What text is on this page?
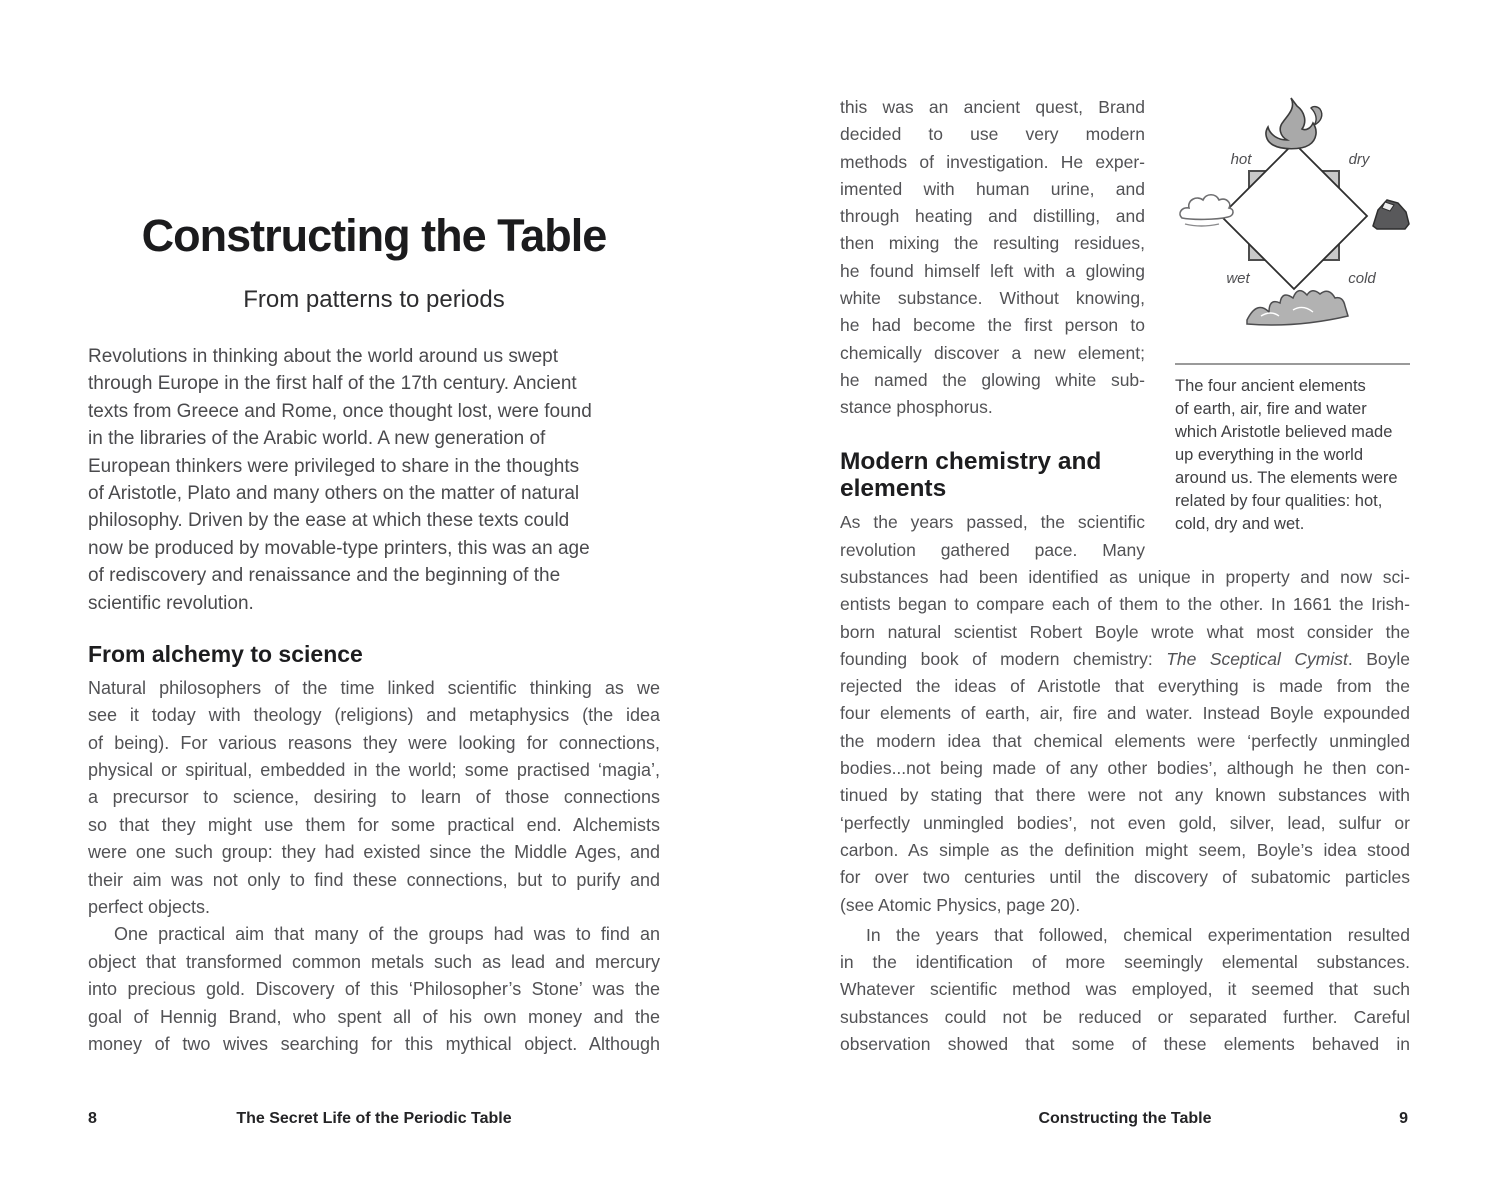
Constructing the Table
From patterns to periods
Revolutions in thinking about the world around us swept
through Europe in the first half of the 17th century. Ancient
texts from Greece and Rome, once thought lost, were found
in the libraries of the Arabic world. A new generation of
European thinkers were privileged to share in the thoughts
of Aristotle, Plato and many others on the matter of natural
philosophy. Driven by the ease at which these texts could
now be produced by movable-type printers, this was an age
of rediscovery and renaissance and the beginning of the
scientific revolution.
From alchemy to science
Natural philosophers of the time linked scientific thinking as we
see it today with theology (religions) and metaphysics (the idea
of being). For various reasons they were looking for connections,
physical or spiritual, embedded in the world; some practised ‘magia’,
a precursor to science, desiring to learn of those connections
so that they might use them for some practical end. Alchemists
were one such group: they had existed since the Middle Ages, and
their aim was not only to find these connections, but to purify and
perfect objects.
One practical aim that many of the groups had was to find an
object that transformed common metals such as lead and mercury
into precious gold. Discovery of this ‘Philosopher’s Stone’ was the
goal of Hennig Brand, who spent all of his own money and the
money of two wives searching for this mythical object. Although
hot	dry
wet	cold
The four ancient elements
of earth, air, fire and water
which Aristotle believed made
up everything in the world
around us. The elements were
related by four qualities: hot,
cold, dry and wet.
this was an ancient quest, Brand
decided to use very modern
methods of investigation. He exper-
imented with human urine, and
through heating and distilling, and
then mixing the resulting residues,
he found himself left with a glowing
white substance. Without knowing,
he had become the first person to
chemically discover a new element;
he named the glowing white sub-
stance phosphorus.
Modern chemistry and
elements
As the years passed, the scientific
revolution gathered pace. Many
substances had been identified as unique in property and now sci-
entists began to compare each of them to the other. In 1661 the Irish-
born natural scientist Robert Boyle wrote what most consider the
founding book of modern chemistry: The Sceptical Cymist. Boyle
rejected the ideas of Aristotle that everything is made from the
four elements of earth, air, fire and water. Instead Boyle expounded
the modern idea that chemical elements were ‘perfectly unmingled
bodies...not being made of any other bodies’, although he then con-
tinued by stating that there were not any known substances with
‘perfectly unmingled bodies’, not even gold, silver, lead, sulfur or
carbon. As simple as the definition might seem, Boyle’s idea stood
for over two centuries until the discovery of subatomic particles
(see Atomic Physics, page 20).
In the years that followed, chemical experimentation resulted
in the identification of more seemingly elemental substances.
Whatever scientific method was employed, it seemed that such
substances could not be reduced or separated further. Careful
observation showed that some of these elements behaved in
8	The Secret Life of the Periodic Table	9
Constructing the Table
